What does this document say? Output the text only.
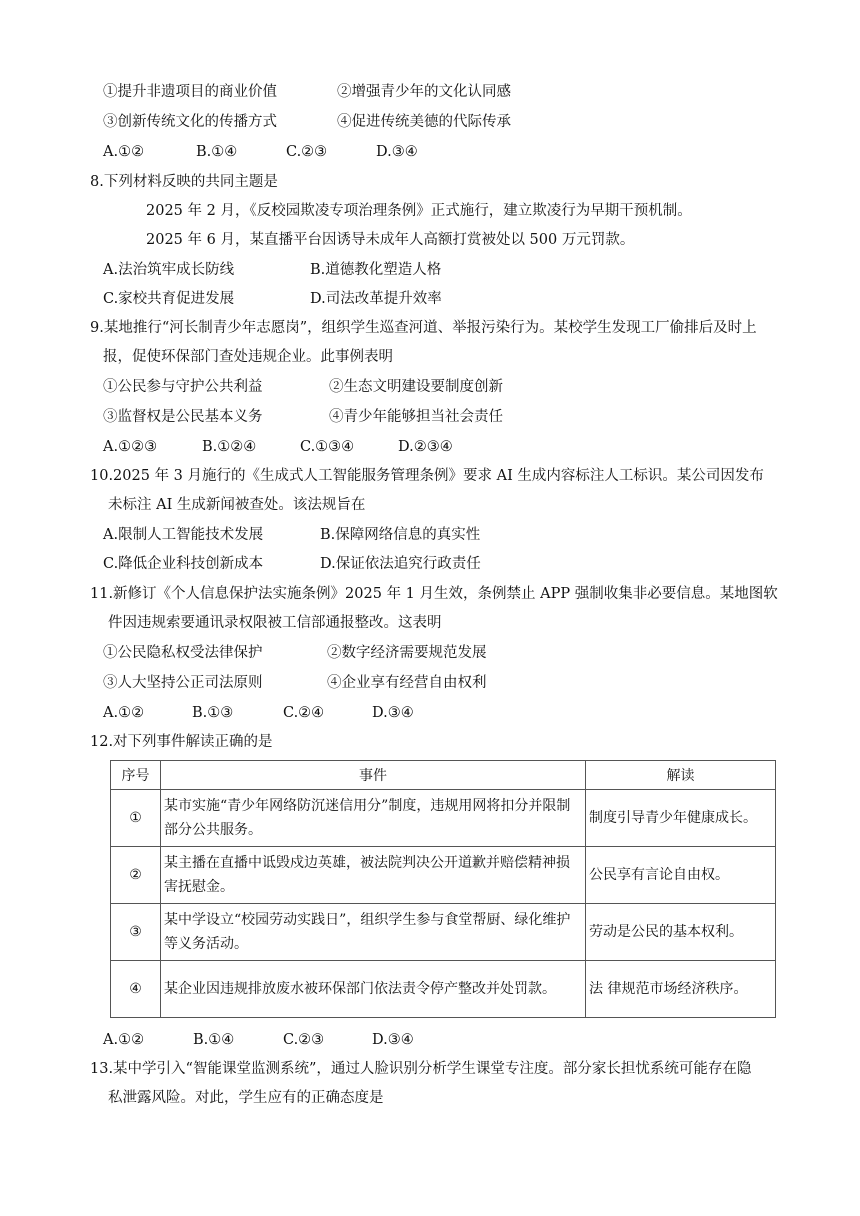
①提升非遗项目的商业价值	②增强青少年的文化认同感
③创新传统文化的传播方式	④促进传统美德的代际传承
A.①②	B.①④	C.②③	D.③④
8.下列材料反映的共同主题是
2025 年 2 月，《反校园欺凌专项治理条例》正式施行，建立欺凌行为早期干预机制。
2025 年 6 月，某直播平台因诱导未成年人高额打赏被处以 500 万元罚款。
A.法治筑牢成长防线	B.道德教化塑造人格
C.家校共育促进发展	D.司法改革提升效率
9.某地推行“河长制青少年志愿岗”，组织学生巡查河道、举报污染行为。某校学生发现工厂偷排后及时上
报，促使环保部门查处违规企业。此事例表明
①公民参与守护公共利益	②生态文明建设要制度创新
③监督权是公民基本义务	④青少年能够担当社会责任
A.①②③	B.①②④	C.①③④	D.②③④
10.2025 年 3 月施行的《生成式人工智能服务管理条例》要求 AI 生成内容标注人工标识。某公司因发布
未标注 AI 生成新闻被查处。该法规旨在
A.限制人工智能技术发展	B.保障网络信息的真实性
C.降低企业科技创新成本	D.保证依法追究行政责任
11.新修订《个人信息保护法实施条例》2025 年 1 月生效，条例禁止 APP 强制收集非必要信息。某地图软
件因违规索要通讯录权限被工信部通报整改。这表明
①公民隐私权受法律保护	②数字经济需要规范发展
③人大坚持公正司法原则	④企业享有经营自由权利
A.①②	B.①③	C.②④	D.③④
12.对下列事件解读正确的是
序号	事件	解读
①	某市实施“青少年网络防沉迷信用分”制度，违规用网将扣分并限制部分公共服务。	制度引导青少年健康成长。
②	某主播在直播中诋毁戍边英雄，被法院判决公开道歉并赔偿精神损害抚慰金。	公民享有言论自由权。
③	某中学设立“校园劳动实践日”，组织学生参与食堂帮厨、绿化维护等义务活动。	劳动是公民的基本权利。
④	某企业因违规排放废水被环保部门依法责令停产整改并处罚款。	法 律规范市场经济秩序。
A.①②	B.①④	C.②③	D.③④
13.某中学引入“智能课堂监测系统”，通过人脸识别分析学生课堂专注度。部分家长担忧系统可能存在隐
私泄露风险。对此，学生应有的正确态度是
